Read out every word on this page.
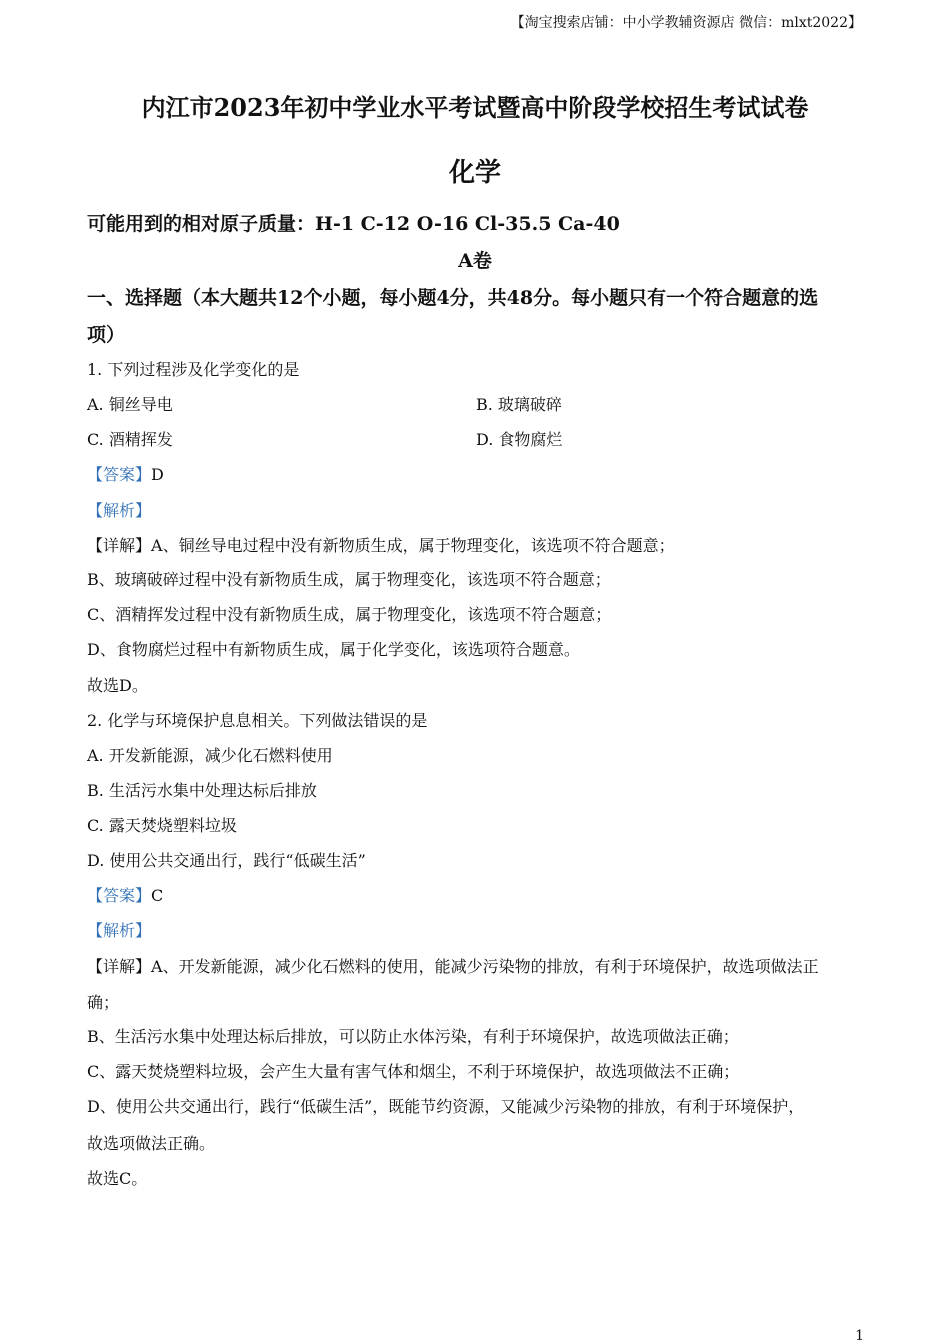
【淘宝搜索店铺：中小学教辅资源店 微信：mlxt2022】
内江市2023年初中学业水平考试暨高中阶段学校招生考试试卷
化学
可能用到的相对原子质量：H-1 C-12 O-16 Cl-35.5 Ca-40
A卷
一、选择题（本大题共12个小题，每小题4分，共48分。每小题只有一个符合题意的选
项）
1. 下列过程涉及化学变化的是
A. 铜丝导电	B. 玻璃破碎
C. 酒精挥发	D. 食物腐烂
【答案】D
【解析】
【详解】A、铜丝导电过程中没有新物质生成，属于物理变化，该选项不符合题意；
B、玻璃破碎过程中没有新物质生成，属于物理变化，该选项不符合题意；
C、酒精挥发过程中没有新物质生成，属于物理变化，该选项不符合题意；
D、食物腐烂过程中有新物质生成，属于化学变化，该选项符合题意。
故选D。
2. 化学与环境保护息息相关。下列做法错误的是
A. 开发新能源，减少化石燃料使用
B. 生活污水集中处理达标后排放
C. 露天焚烧塑料垃圾
D. 使用公共交通出行，践行“低碳生活”
【答案】C
【解析】
【详解】A、开发新能源，减少化石燃料的使用，能减少污染物的排放，有利于环境保护，故选项做法正
确；
B、生活污水集中处理达标后排放，可以防止水体污染，有利于环境保护，故选项做法正确；
C、露天焚烧塑料垃圾，会产生大量有害气体和烟尘，不利于环境保护，故选项做法不正确；
D、使用公共交通出行，践行“低碳生活”，既能节约资源，又能减少污染物的排放，有利于环境保护，
故选项做法正确。
故选C。
1
